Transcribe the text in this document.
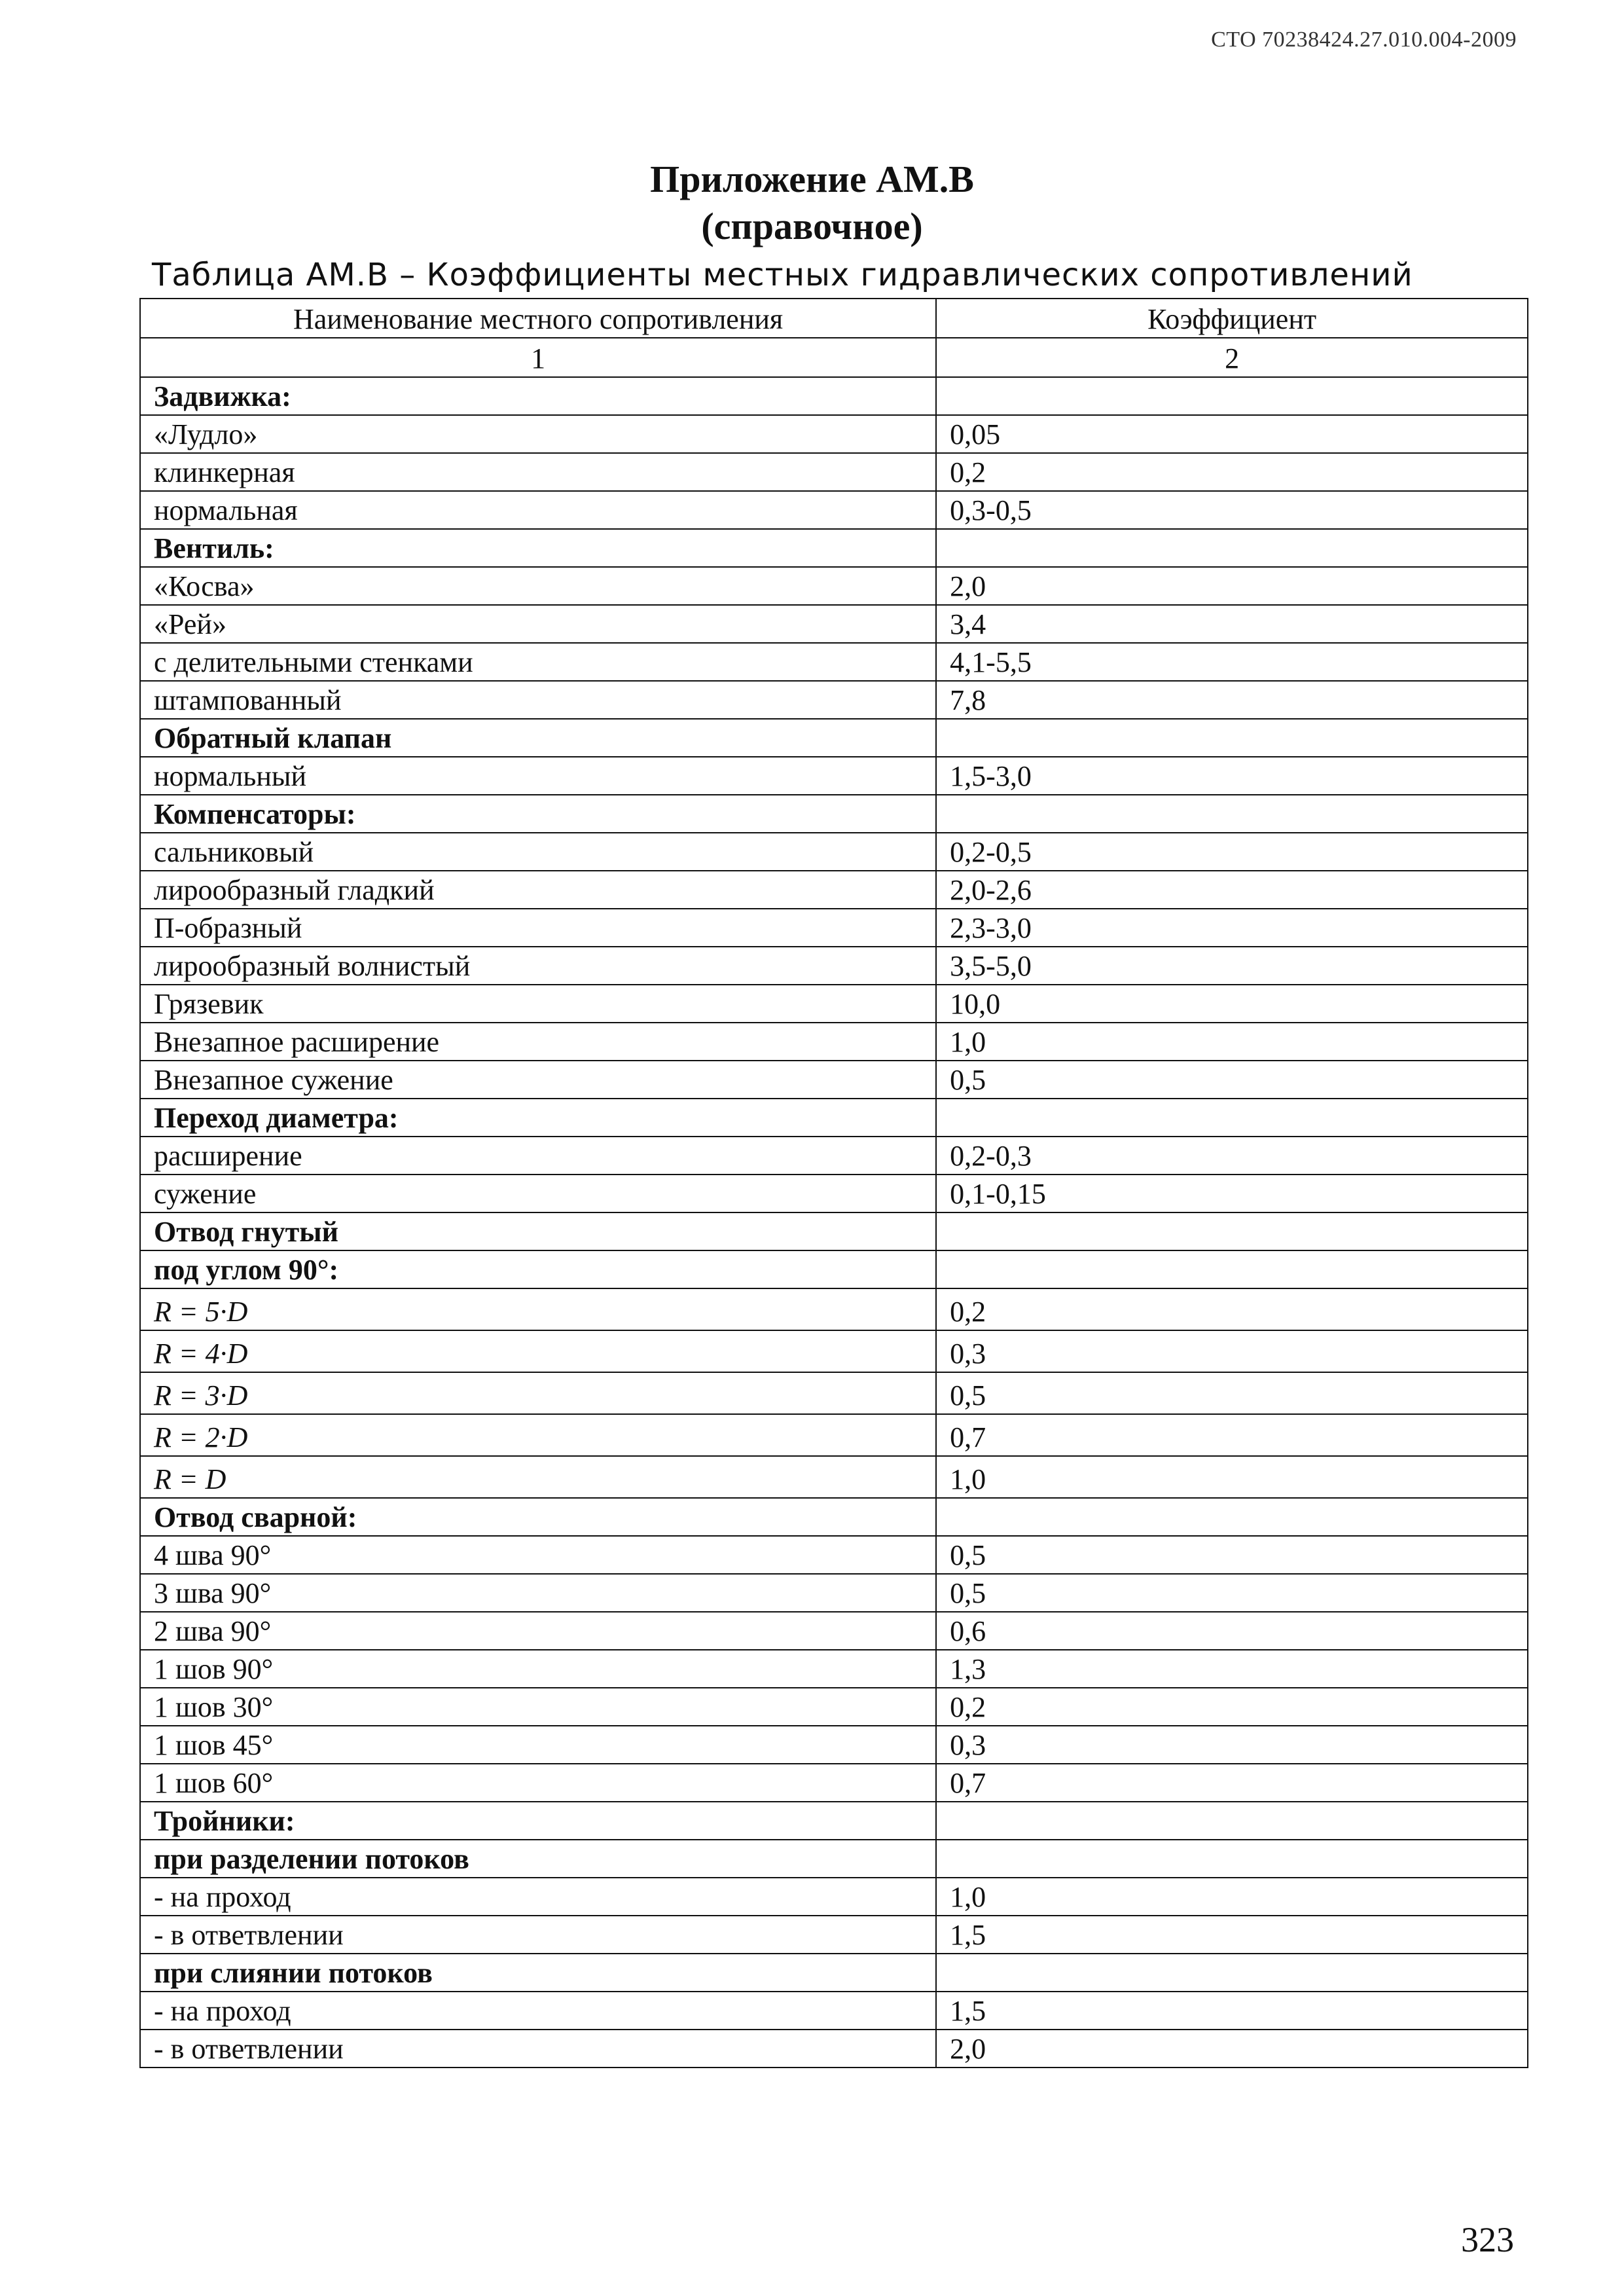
СТО 70238424.27.010.004-2009
Приложение АМ.В
(справочное)
Таблица АМ.В – Коэффициенты местных гидравлических сопротивлений
Наименование местного сопротивления	Коэффициент
1	2
Задвижка:	
«Лудло»	0,05
клинкерная	0,2
нормальная	0,3-0,5
Вентиль:	
«Косва»	2,0
«Рей»	3,4
с делительными стенками	4,1-5,5
штампованный	7,8
Обратный клапан	
нормальный	1,5-3,0
Компенсаторы:	
сальниковый	0,2-0,5
лирообразный гладкий	2,0-2,6
П-образный	2,3-3,0
лирообразный волнистый	3,5-5,0
Грязевик	10,0
Внезапное расширение	1,0
Внезапное сужение	0,5
Переход диаметра:	
расширение	0,2-0,3
сужение	0,1-0,15
Отвод гнутый	
под углом 90°:	
R = 5·D	0,2
R = 4·D	0,3
R = 3·D	0,5
R = 2·D	0,7
R = D	1,0
Отвод сварной:	
4 шва 90°	0,5
3 шва 90°	0,5
2 шва 90°	0,6
1 шов 90°	1,3
1 шов 30°	0,2
1 шов 45°	0,3
1 шов 60°	0,7
Тройники:	
при разделении потоков	
- на проход	1,0
- в ответвлении	1,5
при слиянии потоков	
- на проход	1,5
- в ответвлении	2,0
323
